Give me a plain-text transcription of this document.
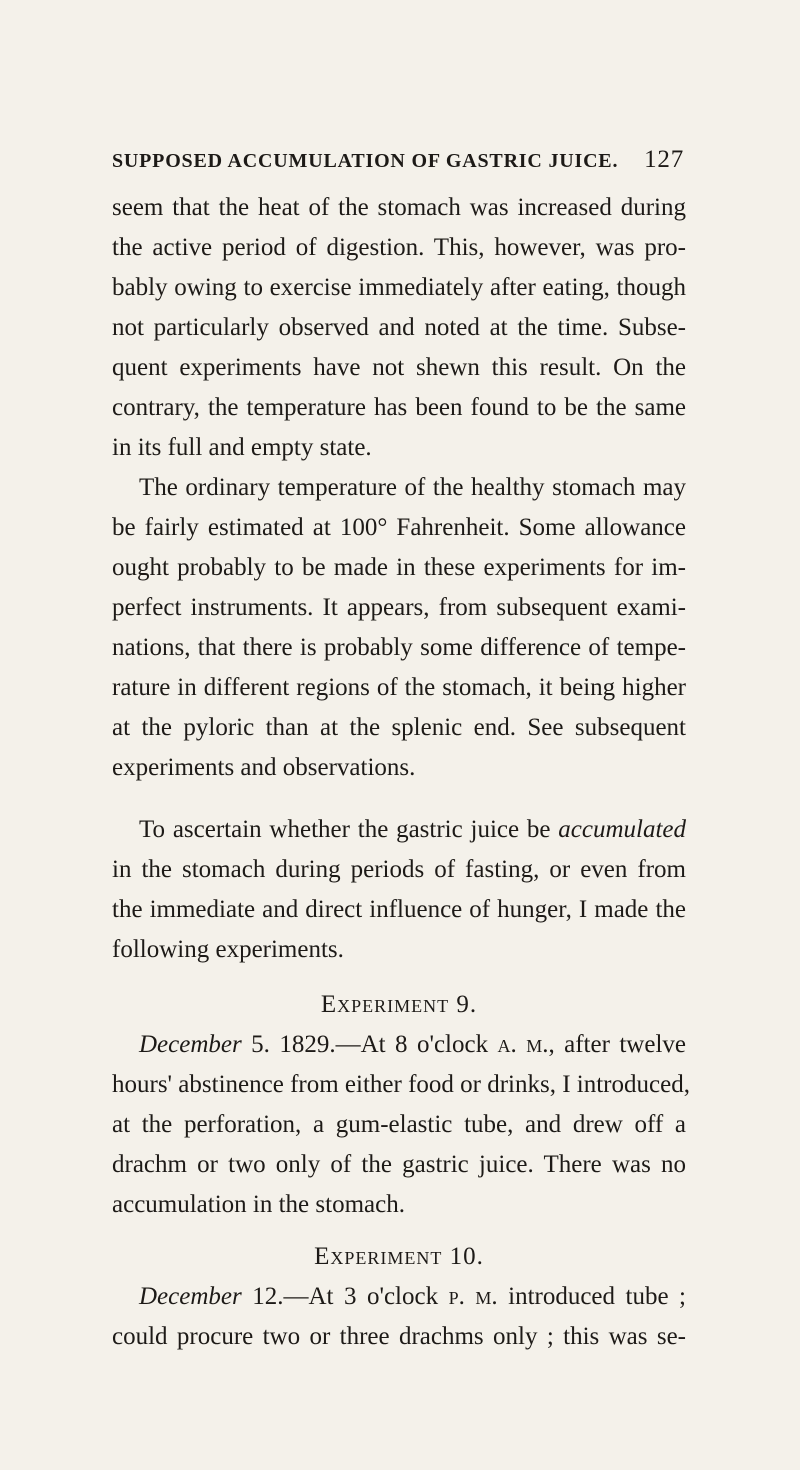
SUPPOSED ACCUMULATION OF GASTRIC JUICE. 127
seem that the heat of the stomach was increased during
the active period of digestion. This, however, was pro-
bably owing to exercise immediately after eating, though
not particularly observed and noted at the time. Subse-
quent experiments have not shewn this result. On the
contrary, the temperature has been found to be the same
in its full and empty state.
The ordinary temperature of the healthy stomach may
be fairly estimated at 100° Fahrenheit. Some allowance
ought probably to be made in these experiments for im-
perfect instruments. It appears, from subsequent exami-
nations, that there is probably some difference of tempe-
rature in different regions of the stomach, it being higher
at the pyloric than at the splenic end. See subsequent
experiments and observations.
To ascertain whether the gastric juice be accumulated
in the stomach during periods of fasting, or even from
the immediate and direct influence of hunger, I made the
following experiments.
Experiment 9.
December 5. 1829.—At 8 o'clock a. m., after twelve
hours' abstinence from either food or drinks, I introduced,
at the perforation, a gum-elastic tube, and drew off a
drachm or two only of the gastric juice. There was no
accumulation in the stomach.
Experiment 10.
December 12.—At 3 o'clock p. m. introduced tube ;
could procure two or three drachms only ; this was se-
